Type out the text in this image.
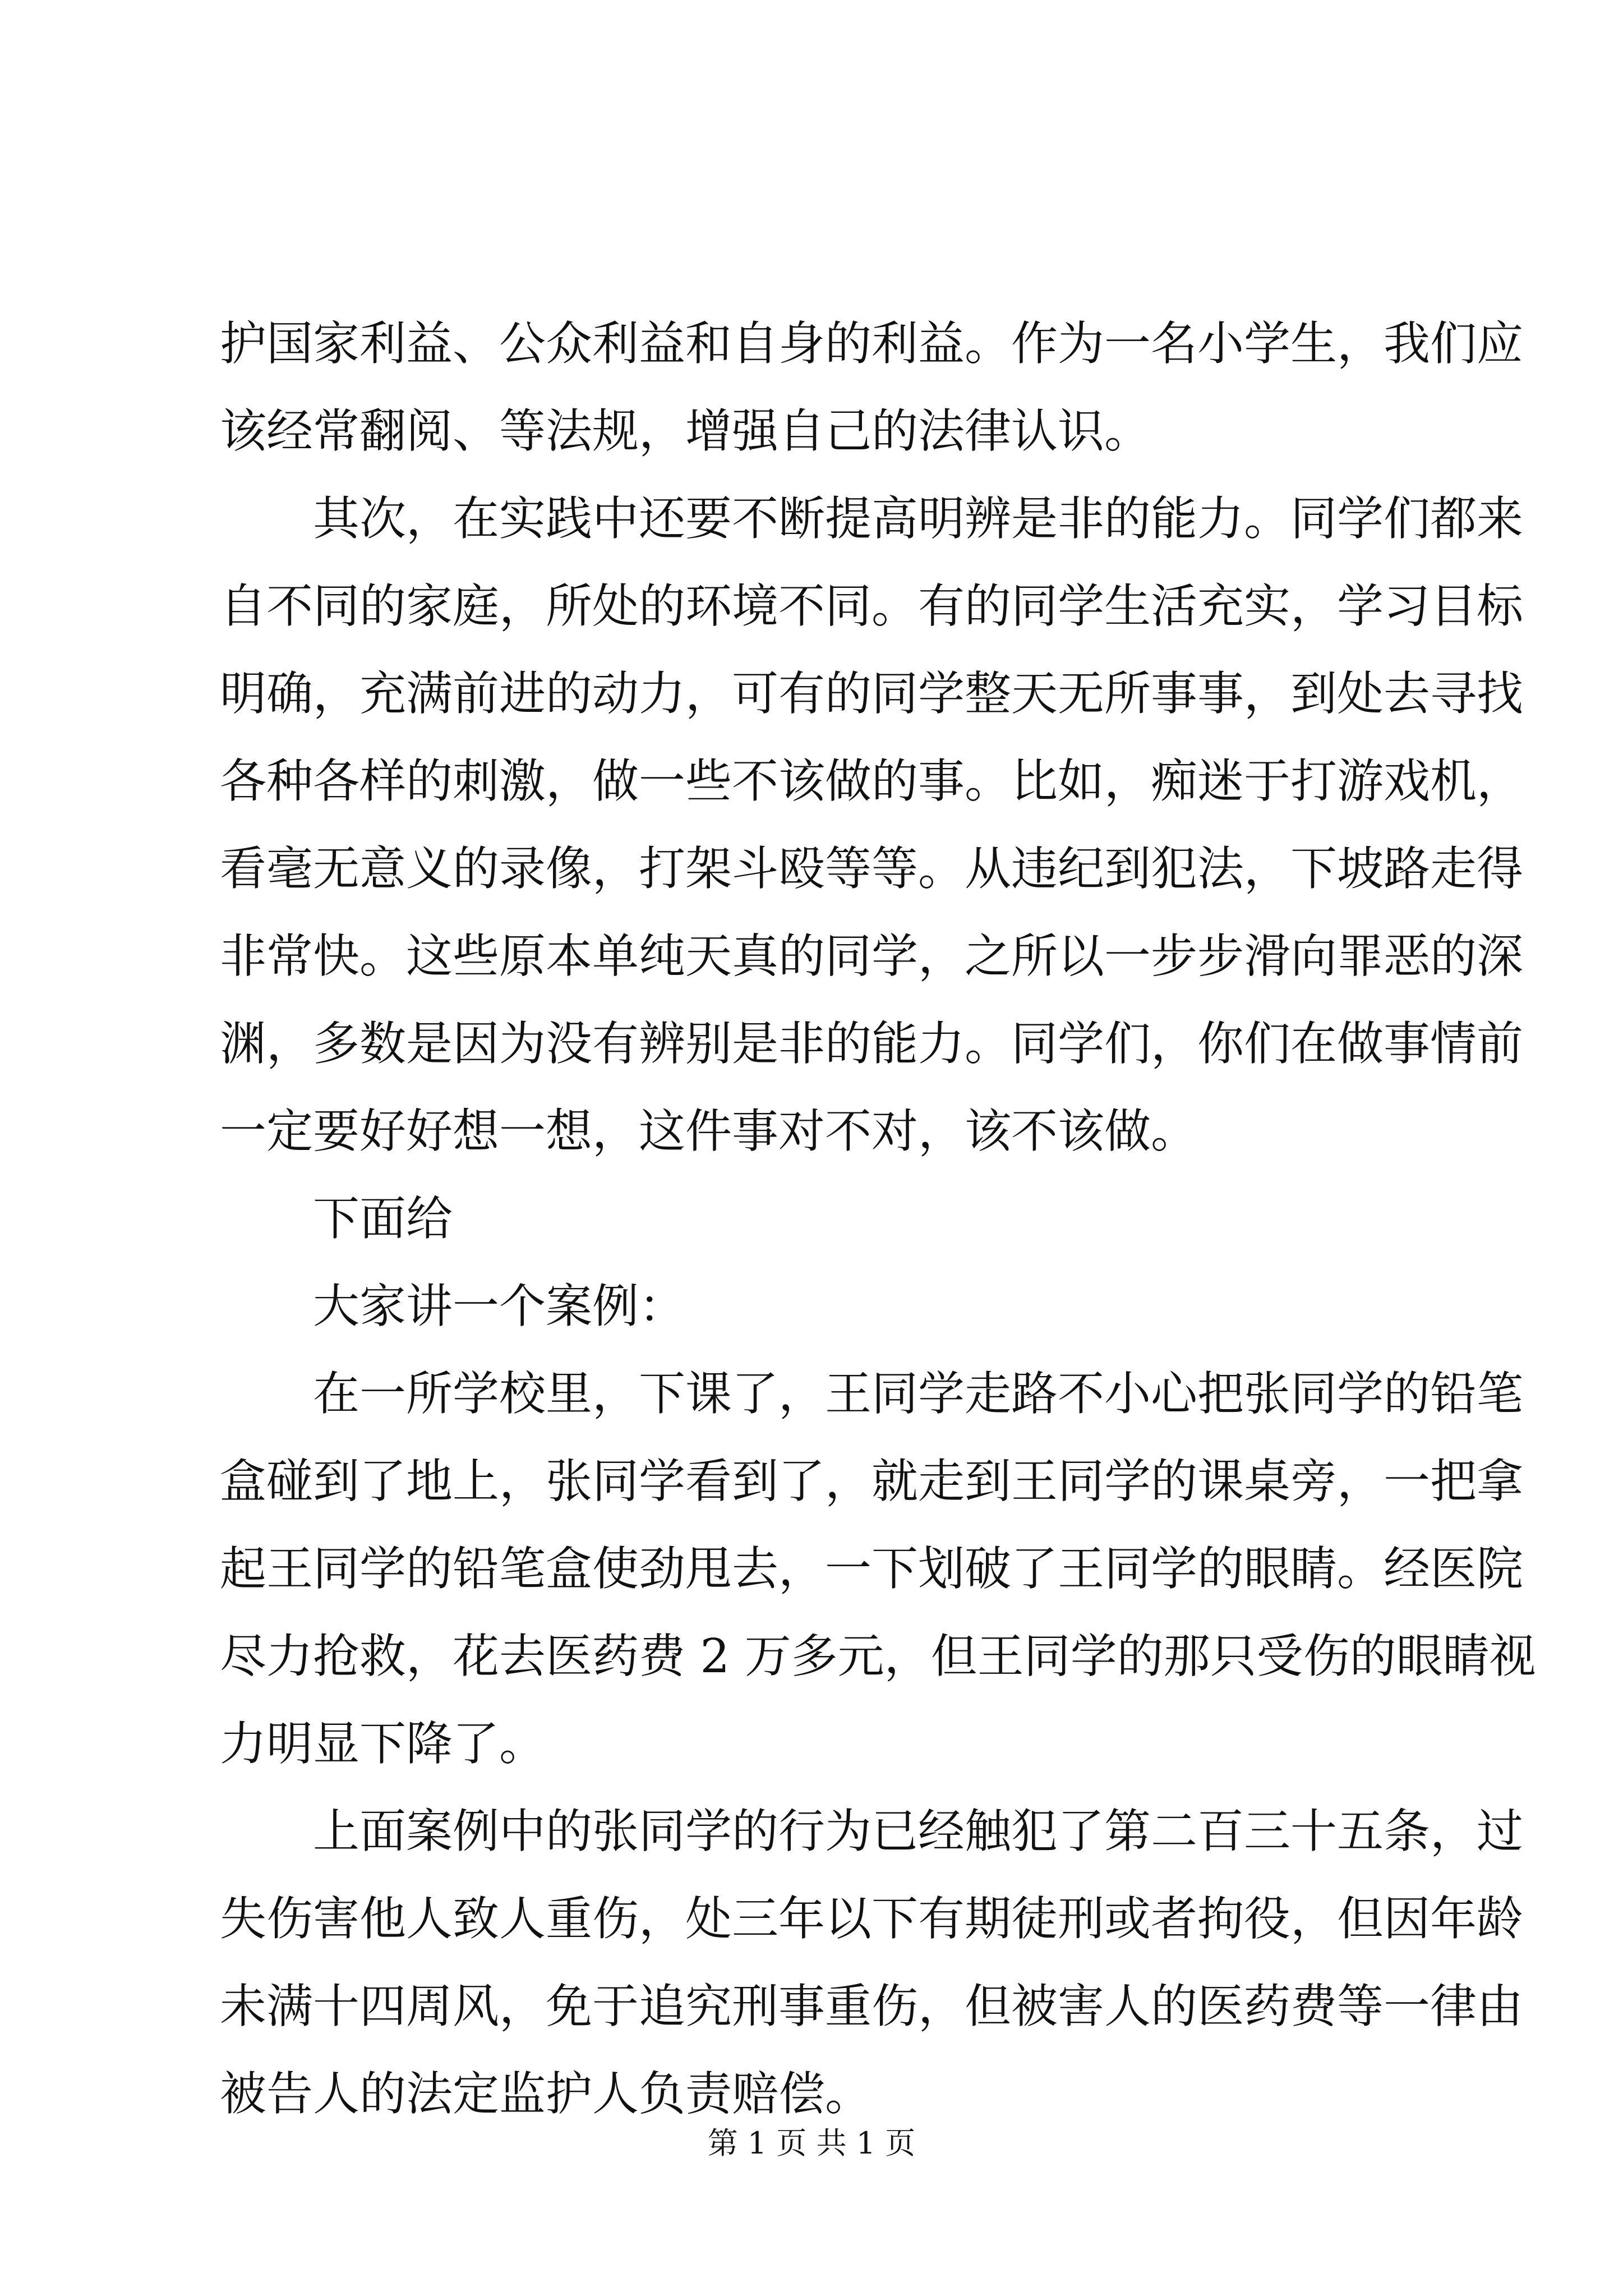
护国家利益、公众利益和自身的利益。作为一名小学生，我们应
该经常翻阅、等法规，增强自己的法律认识。
其次，在实践中还要不断提高明辨是非的能力。同学们都来
自不同的家庭，所处的环境不同。有的同学生活充实，学习目标
明确，充满前进的动力，可有的同学整天无所事事，到处去寻找
各种各样的刺激，做一些不该做的事。比如，痴迷于打游戏机，
看毫无意义的录像，打架斗殴等等。从违纪到犯法，下坡路走得
非常快。这些原本单纯天真的同学，之所以一步步滑向罪恶的深
渊，多数是因为没有辨别是非的能力。同学们，你们在做事情前
一定要好好想一想，这件事对不对，该不该做。
下面给
大家讲一个案例：
在一所学校里，下课了，王同学走路不小心把张同学的铅笔
盒碰到了地上，张同学看到了，就走到王同学的课桌旁，一把拿
起王同学的铅笔盒使劲甩去，一下划破了王同学的眼睛。经医院
尽力抢救，花去医药费 2 万多元，但王同学的那只受伤的眼睛视
力明显下降了。
上面案例中的张同学的行为已经触犯了第二百三十五条，过
失伤害他人致人重伤，处三年以下有期徒刑或者拘役，但因年龄
未满十四周风，免于追究刑事重伤，但被害人的医药费等一律由
被告人的法定监护人负责赔偿。
第 1 页 共 1 页
